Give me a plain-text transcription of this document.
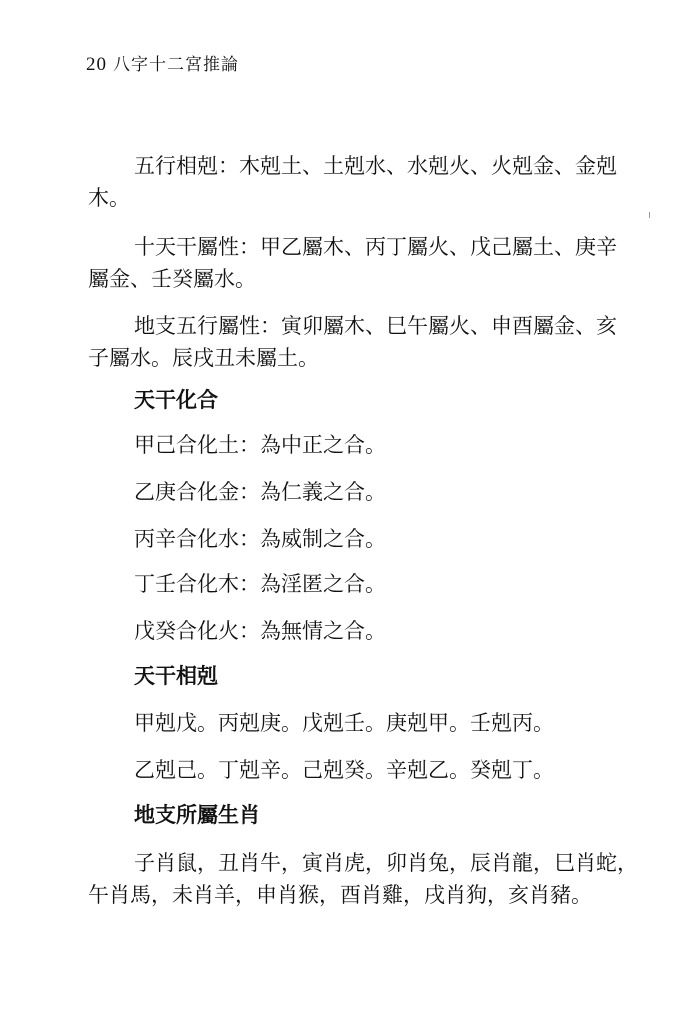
20 八字十二宮推論
五行相剋：木剋土、土剋水、水剋火、火剋金、金剋
木。
十天干屬性：甲乙屬木、丙丁屬火、戊己屬土、庚辛
屬金、壬癸屬水。
地支五行屬性：寅卯屬木、巳午屬火、申酉屬金、亥
子屬水。辰戌丑未屬土。
天干化合
甲己合化土：為中正之合。
乙庚合化金：為仁義之合。
丙辛合化水：為威制之合。
丁壬合化木：為淫匿之合。
戊癸合化火：為無情之合。
天干相剋
甲剋戊。丙剋庚。戊剋壬。庚剋甲。壬剋丙。
乙剋己。丁剋辛。己剋癸。辛剋乙。癸剋丁。
地支所屬生肖
子肖鼠，丑肖牛，寅肖虎，卯肖兔，辰肖龍，巳肖蛇，
午肖馬，未肖羊，申肖猴，酉肖雞，戌肖狗，亥肖豬。
